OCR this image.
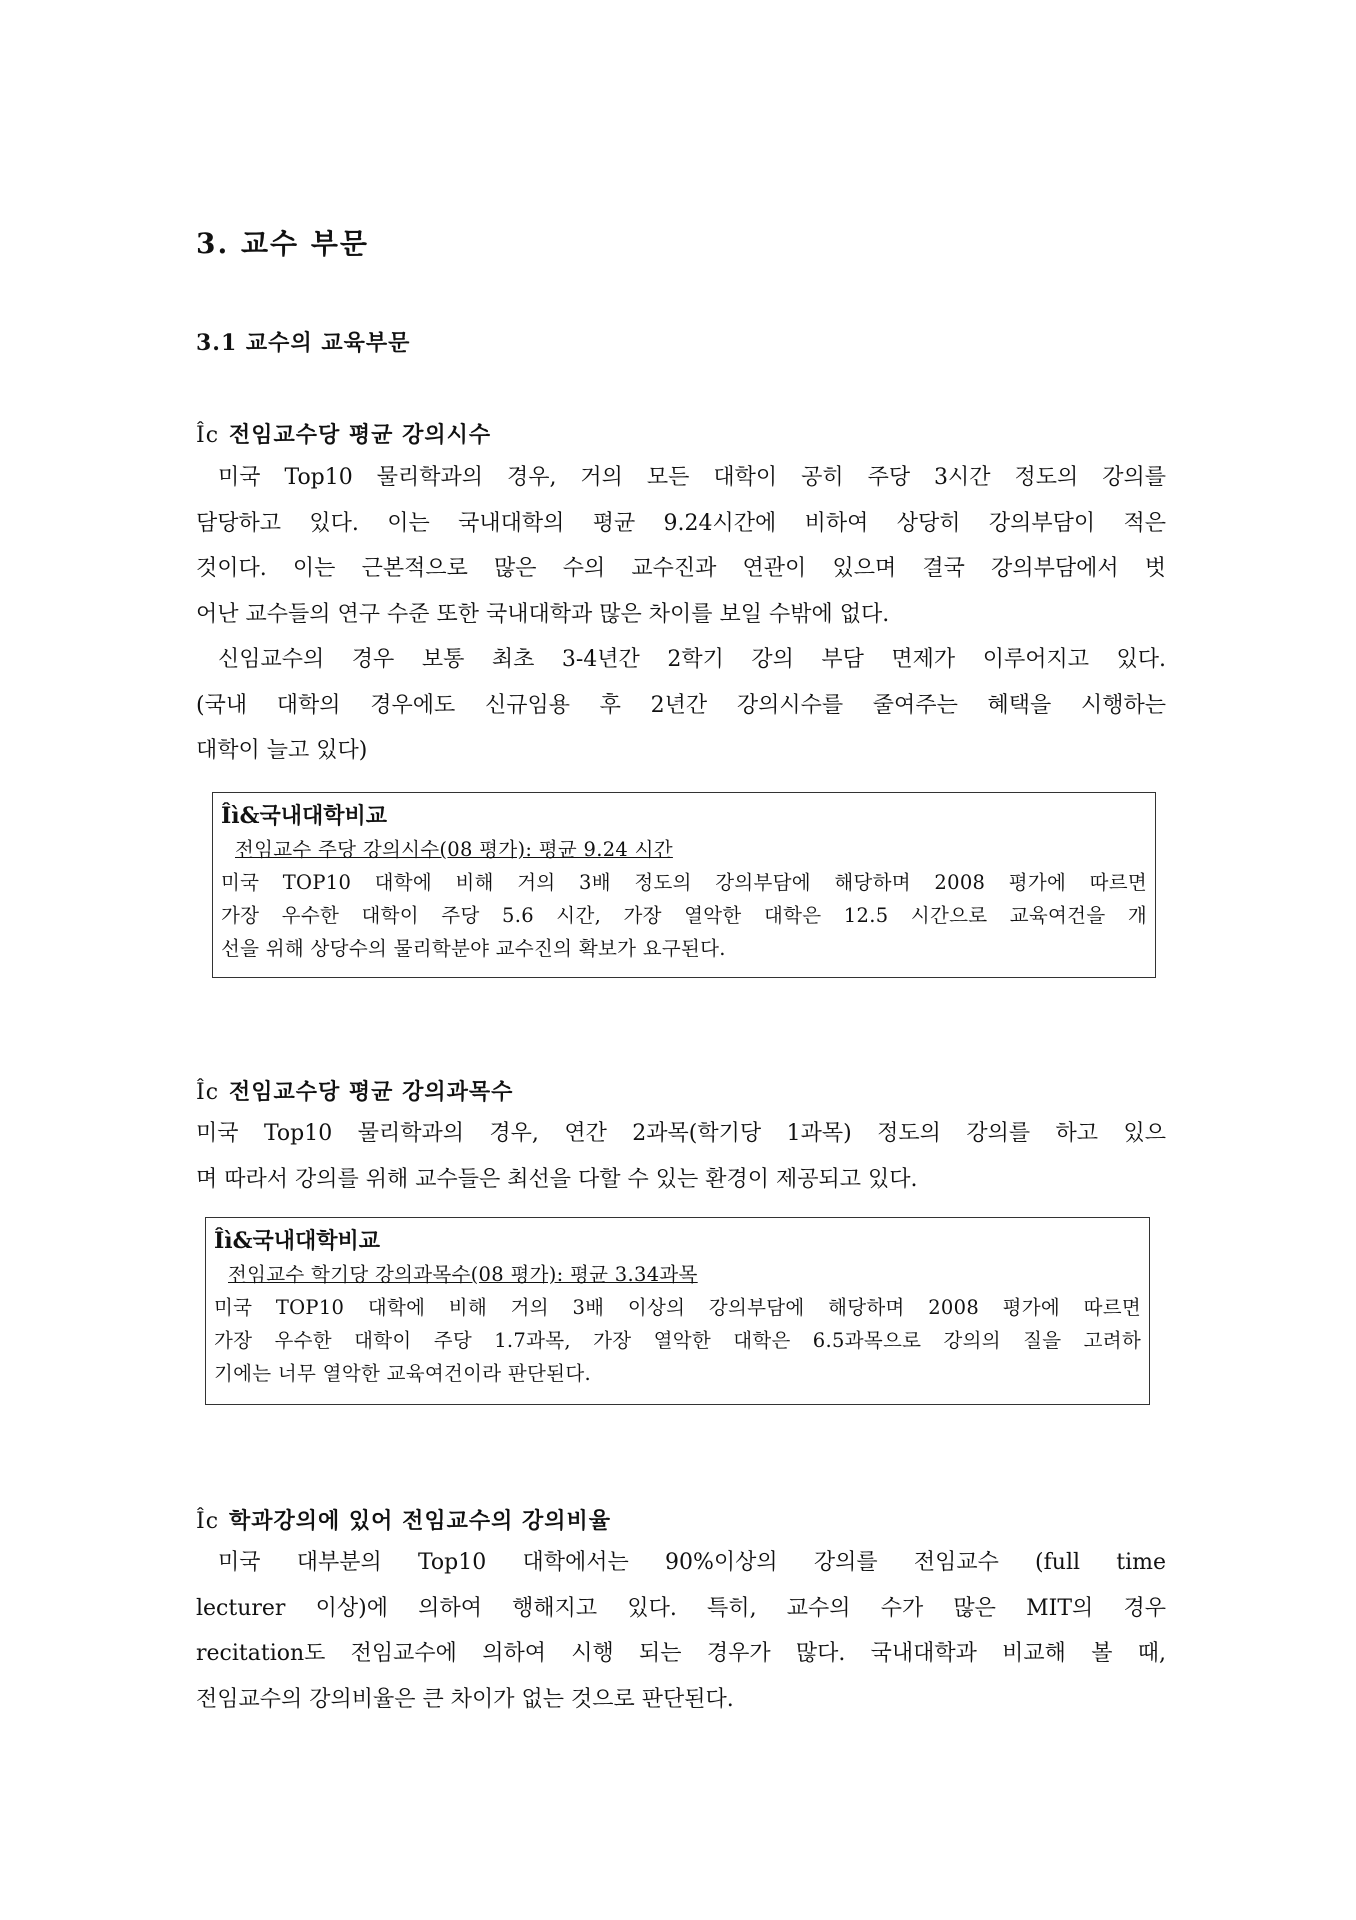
3. 교수 부문
3.1 교수의 교육부문
Îc 전임교수당 평균 강의시수
미국 Top10 물리학과의 경우, 거의 모든 대학이 공히 주당 3시간 정도의 강의를
담당하고 있다. 이는 국내대학의 평균 9.24시간에 비하여 상당히 강의부담이 적은
것이다. 이는 근본적으로 많은 수의 교수진과 연관이 있으며 결국 강의부담에서 벗
어난 교수들의 연구 수준 또한 국내대학과 많은 차이를 보일 수밖에 없다.
신임교수의 경우 보통 최초 3-4년간 2학기 강의 부담 면제가 이루어지고 있다.
(국내 대학의 경우에도 신규임용 후 2년간 강의시수를 줄여주는 혜택을 시행하는
대학이 늘고 있다)
Îì&국내대학비교
전임교수 주당 강의시수(08 평가): 평균 9.24 시간
미국 TOP10 대학에 비해 거의 3배 정도의 강의부담에 해당하며 2008 평가에 따르면
가장 우수한 대학이 주당 5.6 시간, 가장 열악한 대학은 12.5 시간으로 교육여건을 개
선을 위해 상당수의 물리학분야 교수진의 확보가 요구된다.
Îc 전임교수당 평균 강의과목수
미국 Top10 물리학과의 경우, 연간 2과목(학기당 1과목) 정도의 강의를 하고 있으
며 따라서 강의를 위해 교수들은 최선을 다할 수 있는 환경이 제공되고 있다.
Îì&국내대학비교
전임교수 학기당 강의과목수(08 평가): 평균 3.34과목
미국 TOP10 대학에 비해 거의 3배 이상의 강의부담에 해당하며 2008 평가에 따르면
가장 우수한 대학이 주당 1.7과목, 가장 열악한 대학은 6.5과목으로 강의의 질을 고려하
기에는 너무 열악한 교육여건이라 판단된다.
Îc 학과강의에 있어 전임교수의 강의비율
미국 대부분의 Top10 대학에서는 90%이상의 강의를 전임교수 (full time
lecturer 이상)에 의하여 행해지고 있다. 특히, 교수의 수가 많은 MIT의 경우
recitation도 전임교수에 의하여 시행 되는 경우가 많다. 국내대학과 비교해 볼 때,
전임교수의 강의비율은 큰 차이가 없는 것으로 판단된다.
